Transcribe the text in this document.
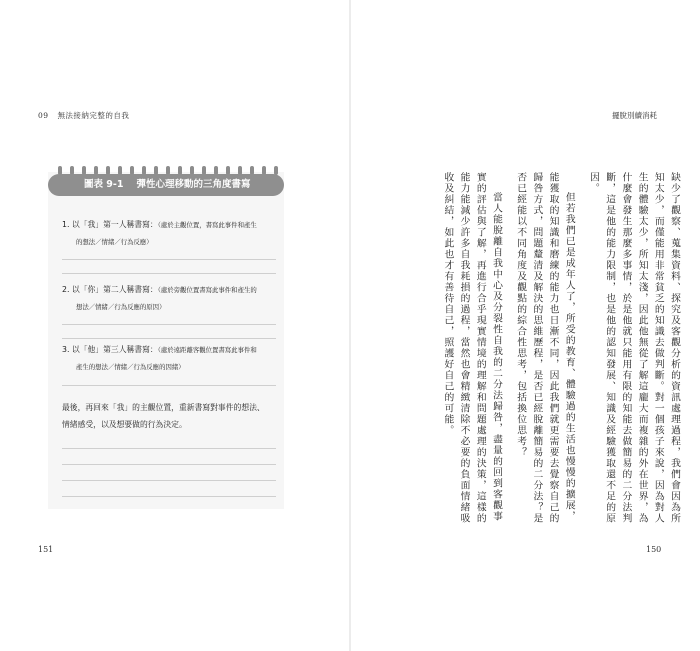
09 無法接納完整的自我	擺脫別續消耗
圖表 9-1 彈性心理移動的三角度書寫
1. 以「我」第一人稱書寫：（處於主觀位置，書寫此事件和產生
的想法／情緒／行為反應）
2. 以「你」第二人稱書寫：（處於旁觀位置書寫此事件和產生的
想法／情緒／行為反應的原因）
3. 以「他」第三人稱書寫：（處於遠距離客觀位置書寫此事件和
產生的想法／情緒／行為反應的因緒）
最後，再回來「我」的主觀位置，重新書寫對事件的想法、
情緒感受，以及想要做的行為決定。	缺少了觀察、蒐集資料、探究及客觀分析的資訊處理過程，我們會因為所知太少，而僅能用非常貧乏的知識去做判斷。對一個孩子來說，因為對人生的體驗太少，所知太淺，因此他無從了解這龐大而複雜的外在世界，為什麼會發生那麼多事情，於是他就只能用有限的知能去做簡易的二分法判斷，這是他的能力限制，也是他的認知發展、知識及經驗獲取還不足的原因。

但若我們已是成年人了，所受的教育、體驗過的生活也慢慢的擴展，能獲取的知識和磨練的能力也日漸不同，因此我們就更需要去覺察自己的歸咎方式，問題釐清及解決的思維歷程，是否已經脫離簡易的二分法？是否已經能以不同角度及觀點的綜合性思考，包括換位思考？

當人能脫離自我中心及分裂性自我的二分法歸咎，盡量的回到客觀事實的評估與了解，再進行合乎現實情境的理解和問題處理的決策，這樣的能力能減少許多自我耗損的過程，當然也會精緻清除不必要的負面情緒吸收及糾結，如此也才有善待自己，照護好自己的可能。

151	150
